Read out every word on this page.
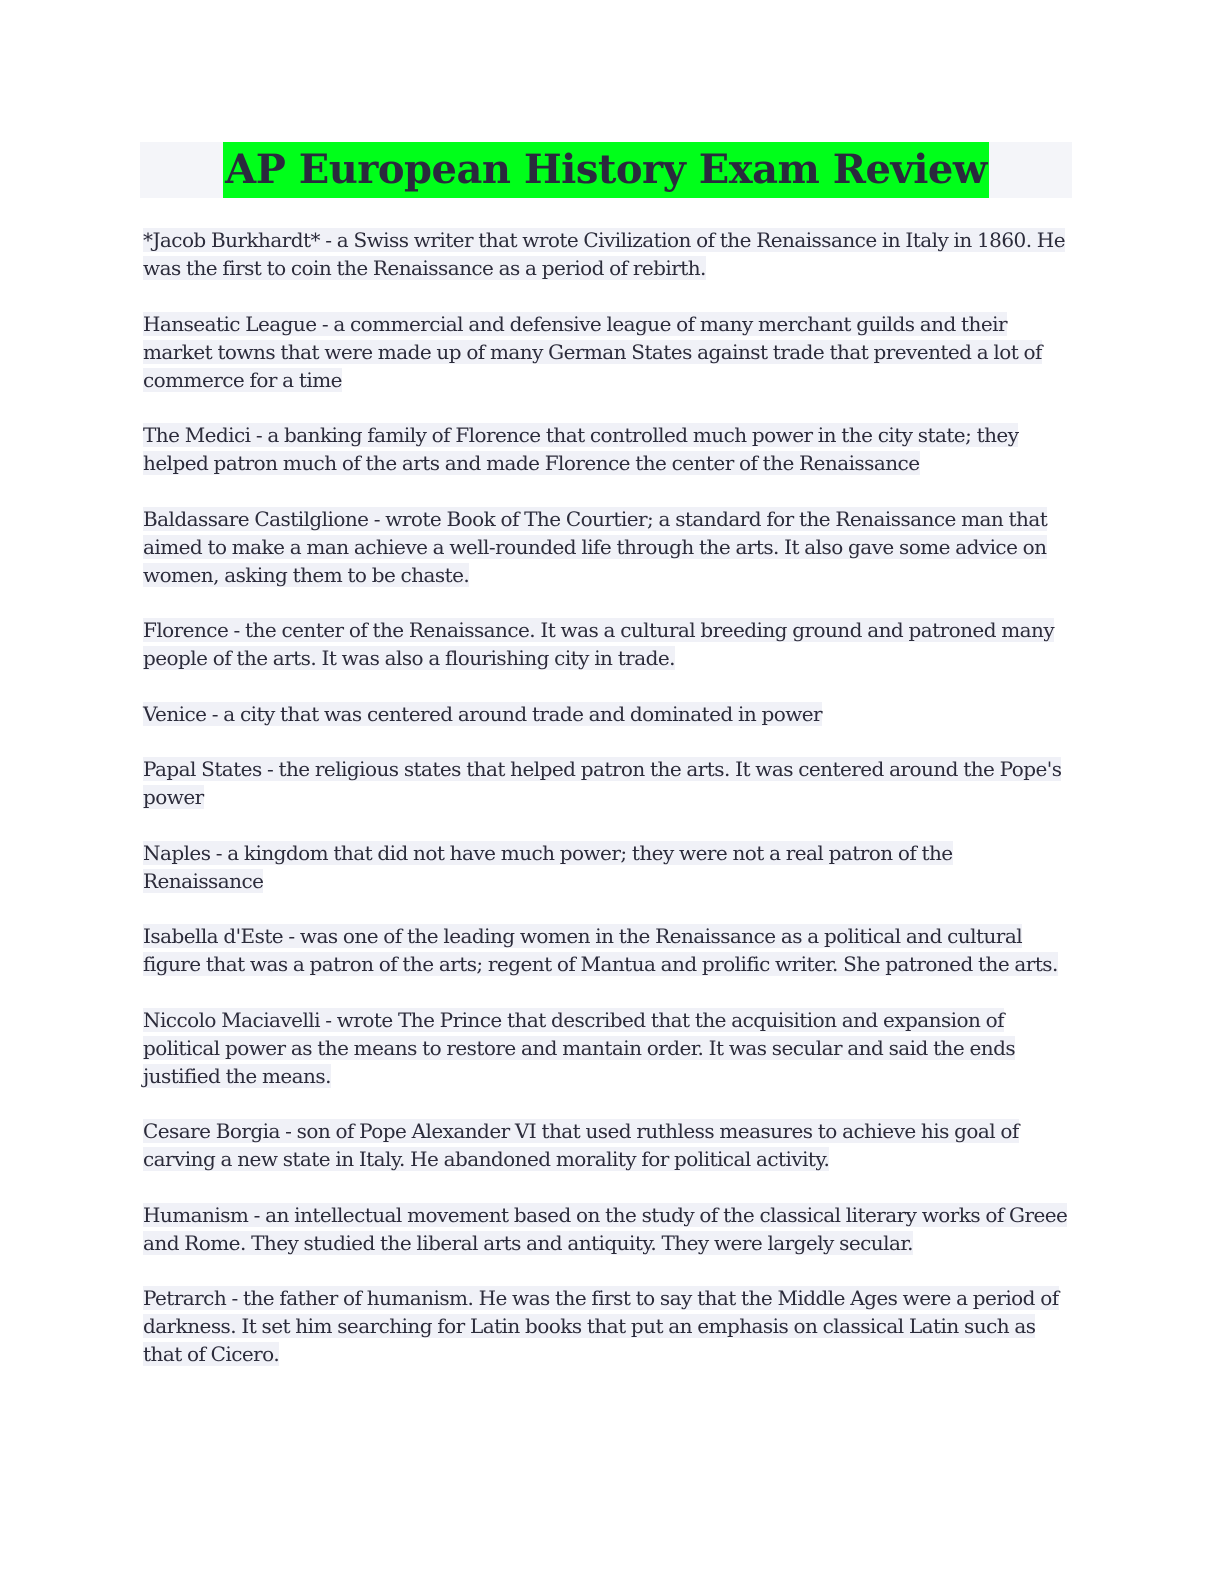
AP European History Exam Review

*Jacob Burkhardt* - a Swiss writer that wrote Civilization of the Renaissance in Italy in 1860. He was the first to coin the Renaissance as a period of rebirth.

Hanseatic League - a commercial and defensive league of many merchant guilds and their market towns that were made up of many German States against trade that prevented a lot of commerce for a time

The Medici - a banking family of Florence that controlled much power in the city state; they helped patron much of the arts and made Florence the center of the Renaissance

Baldassare Castilglione - wrote Book of The Courtier; a standard for the Renaissance man that aimed to make a man achieve a well-rounded life through the arts. It also gave some advice on women, asking them to be chaste.

Florence - the center of the Renaissance. It was a cultural breeding ground and patroned many people of the arts. It was also a flourishing city in trade.

Venice - a city that was centered around trade and dominated in power

Papal States - the religious states that helped patron the arts. It was centered around the Pope's power

Naples - a kingdom that did not have much power; they were not a real patron of the Renaissance

Isabella d'Este - was one of the leading women in the Renaissance as a political and cultural figure that was a patron of the arts; regent of Mantua and prolific writer. She patroned the arts.

Niccolo Maciavelli - wrote The Prince that described that the acquisition and expansion of political power as the means to restore and mantain order. It was secular and said the ends justified the means.

Cesare Borgia - son of Pope Alexander VI that used ruthless measures to achieve his goal of carving a new state in Italy. He abandoned morality for political activity.

Humanism - an intellectual movement based on the study of the classical literary works of Greee and Rome. They studied the liberal arts and antiquity. They were largely secular.

Petrarch - the father of humanism. He was the first to say that the Middle Ages were a period of darkness. It set him searching for Latin books that put an emphasis on classical Latin such as that of Cicero.
